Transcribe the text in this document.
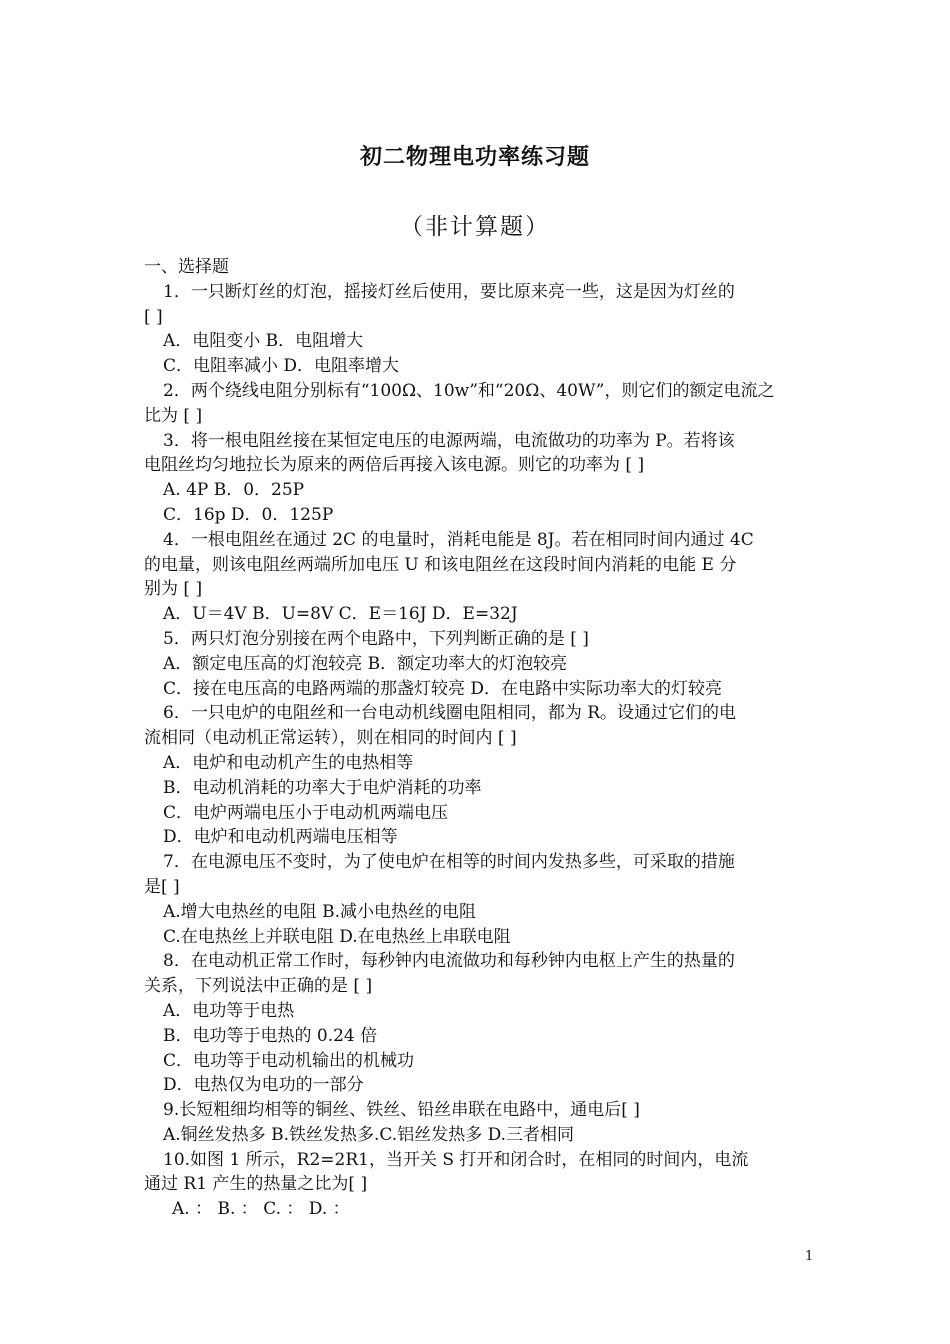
初二物理电功率练习题
（非计算题）
一、选择题
1．一只断灯丝的灯泡，摇接灯丝后使用，要比原来亮一些，这是因为灯丝的
[ ]
A．电阻变小 B．电阻增大
C．电阻率减小 D．电阻率增大
2．两个绕线电阻分别标有“100Ω、10w”和“20Ω、40W”，则它们的额定电流之
比为 [ ]
3．将一根电阻丝接在某恒定电压的电源两端，电流做功的功率为 P。若将该
电阻丝均匀地拉长为原来的两倍后再接入该电源。则它的功率为 [ ]
A. 4P B．0．25P
C．16p D．0．125P
4．一根电阻丝在通过 2C 的电量时，消耗电能是 8J。若在相同时间内通过 4C
的电量，则该电阻丝两端所加电压 U 和该电阻丝在这段时间内消耗的电能 E 分
别为 [ ]
A．U＝4V B．U=8V C．E＝16J D．E=32J
5．两只灯泡分别接在两个电路中，下列判断正确的是 [ ]
A．额定电压高的灯泡较亮 B．额定功率大的灯泡较亮
C．接在电压高的电路两端的那盏灯较亮 D．在电路中实际功率大的灯较亮
6．一只电炉的电阻丝和一台电动机线圈电阻相同，都为 R。设通过它们的电
流相同（电动机正常运转），则在相同的时间内 [ ]
A．电炉和电动机产生的电热相等
B．电动机消耗的功率大于电炉消耗的功率
C．电炉两端电压小于电动机两端电压
D．电炉和电动机两端电压相等
7．在电源电压不变时，为了使电炉在相等的时间内发热多些，可采取的措施
是[ ]
A.增大电热丝的电阻 B.减小电热丝的电阻
C.在电热丝上并联电阻 D.在电热丝上串联电阻
8．在电动机正常工作时，每秒钟内电流做功和每秒钟内电枢上产生的热量的
关系，下列说法中正确的是 [ ]
A．电功等于电热
B．电功等于电热的 0.24 倍
C．电功等于电动机输出的机械功
D．电热仅为电功的一部分
9.长短粗细均相等的铜丝、铁丝、铅丝串联在电路中，通电后[ ]
A.铜丝发热多 B.铁丝发热多.C.铝丝发热多 D.三者相同
10.如图 1 所示，R2=2R1，当开关 S 打开和闭合时，在相同的时间内，电流
通过 R1 产生的热量之比为[ ]
A. ： B. ： C. ： D. ：
1
